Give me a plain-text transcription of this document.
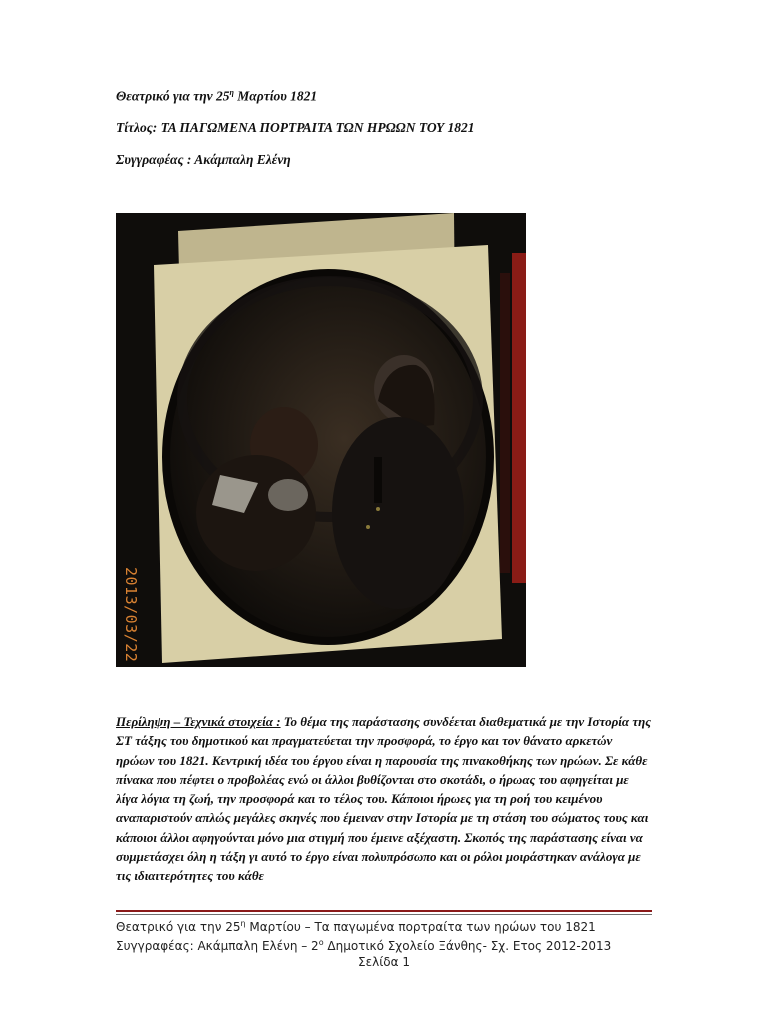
Θεατρικό για την $25^\eta$ Μαρτίου 1821
Τίτλος: ΤΑ ΠΑΓΩΜΕΝΑ ΠΟΡΤΡΑΙΤΑ ΤΩΝ ΗΡΩΩΝ ΤΟΥ 1821
Συγγραφέας : Ακάμπαλη Ελένη
2013/03/22

Περίληψη – Τεχνικά στοιχεία : Το θέμα της παράστασης συνδέεται διαθεματικά με την Ιστορία της ΣΤ τάξης του δημοτικού και πραγματεύεται την προσφορά, το έργο και τον θάνατο αρκετών ηρώων του 1821. Κεντρική ιδέα του έργου είναι η παρουσία της πινακοθήκης των ηρώων. Σε κάθε πίνακα που πέφτει ο προβολέας ενώ οι άλλοι βυθίζονται στο σκοτάδι, ο ήρωας του αφηγείται με λίγα λόγια τη ζωή, την προσφορά και το τέλος του. Κάποιοι ήρωες για τη ροή του κειμένου αναπαριστούν απλώς μεγάλες σκηνές που έμειναν στην Ιστορία με τη στάση του σώματος τους και κάποιοι άλλοι αφηγούνται μόνο μια στιγμή που έμεινε αξέχαστη. Σκοπός της παράστασης είναι να συμμετάσχει όλη η τάξη γι αυτό το έργο είναι πολυπρόσωπο και οι ρόλοι μοιράστηκαν ανάλογα με τις ιδιαιτερότητες του κάθε

Θεατρικό για την $25^\eta$ Μαρτίου – Τα παγωμένα πορτραίτα των ηρώων του 1821
Συγγραφέας: Ακάμπαλη Ελένη – $2^o$ Δημοτικό Σχολείο Ξάνθης- Σχ. Ετος 2012-2013
Σελίδα 1
